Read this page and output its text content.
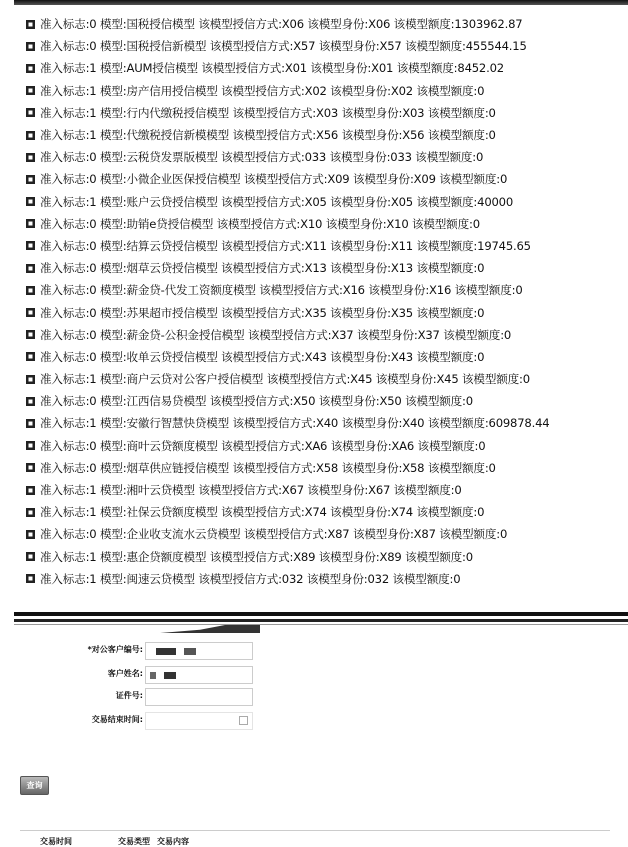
准入标志: 0 模型: 国税授信模型 该模型授信方式: X06 该模型身份: X06 该模型额度: 1303962.87
准入标志: 0 模型: 国税授信新模型 该模型授信方式: X57 该模型身份: X57 该模型额度: 455544.15
准入标志: 1 模型: AUM授信模型 该模型授信方式: X01 该模型身份: X01 该模型额度: 8452.02
准入标志: 1 模型: 房产信用授信模型 该模型授信方式: X02 该模型身份: X02 该模型额度: 0
准入标志: 1 模型: 行内代缴税授信模型 该模型授信方式: X03 该模型身份: X03 该模型额度: 0
准入标志: 1 模型: 代缴税授信新模模型 该模型授信方式: X56 该模型身份: X56 该模型额度: 0
准入标志: 0 模型: 云税贷发票版模型 该模型授信方式: 033 该模型身份: 033 该模型额度: 0
准入标志: 0 模型: 小微企业医保授信模型 该模型授信方式: X09 该模型身份: X09 该模型额度: 0
准入标志: 1 模型: 账户云贷授信模型 该模型授信方式: X05 该模型身份: X05 该模型额度: 40000
准入标志: 0 模型: 助销e贷授信模型 该模型授信方式: X10 该模型身份: X10 该模型额度: 0
准入标志: 0 模型: 结算云贷授信模型 该模型授信方式: X11 该模型身份: X11 该模型额度: 19745.65
准入标志: 0 模型: 烟草云贷授信模型 该模型授信方式: X13 该模型身份: X13 该模型额度: 0
准入标志: 0 模型: 薪金贷-代发工资额度模型 该模型授信方式: X16 该模型身份: X16 该模型额度: 0
准入标志: 0 模型: 苏果超市授信模型 该模型授信方式: X35 该模型身份: X35 该模型额度: 0
准入标志: 0 模型: 薪金贷-公积金授信模型 该模型授信方式: X37 该模型身份: X37 该模型额度: 0
准入标志: 0 模型: 收单云贷授信模型 该模型授信方式: X43 该模型身份: X43 该模型额度: 0
准入标志: 1 模型: 商户云贷对公客户授信模型 该模型授信方式: X45 该模型身份: X45 该模型额度: 0
准入标志: 0 模型: 江西信易贷模型 该模型授信方式: X50 该模型身份: X50 该模型额度: 0
准入标志: 1 模型: 安徽行智慧快贷模型 该模型授信方式: X40 该模型身份: X40 该模型额度: 609878.44
准入标志: 0 模型: 商叶云贷额度模型 该模型授信方式: XA6 该模型身份: XA6 该模型额度: 0
准入标志: 0 模型: 烟草供应链授信模型 该模型授信方式: X58 该模型身份: X58 该模型额度: 0
准入标志: 1 模型: 湘叶云贷模型 该模型授信方式: X67 该模型身份: X67 该模型额度: 0
准入标志: 1 模型: 社保云贷额度模型 该模型授信方式: X74 该模型身份: X74 该模型额度: 0
准入标志: 0 模型: 企业收支流水云贷模型 该模型授信方式: X87 该模型身份: X87 该模型额度: 0
准入标志: 1 模型: 惠企贷额度模型 该模型授信方式: X89 该模型身份: X89 该模型额度: 0
准入标志: 1 模型: 闽速云贷模型 该模型授信方式: 032 该模型身份: 032 该模型额度: 0
*对公客户编号:
客户姓名:
证件号:
交易结束时间:
查询
交易时间	交易类型 交易内容
